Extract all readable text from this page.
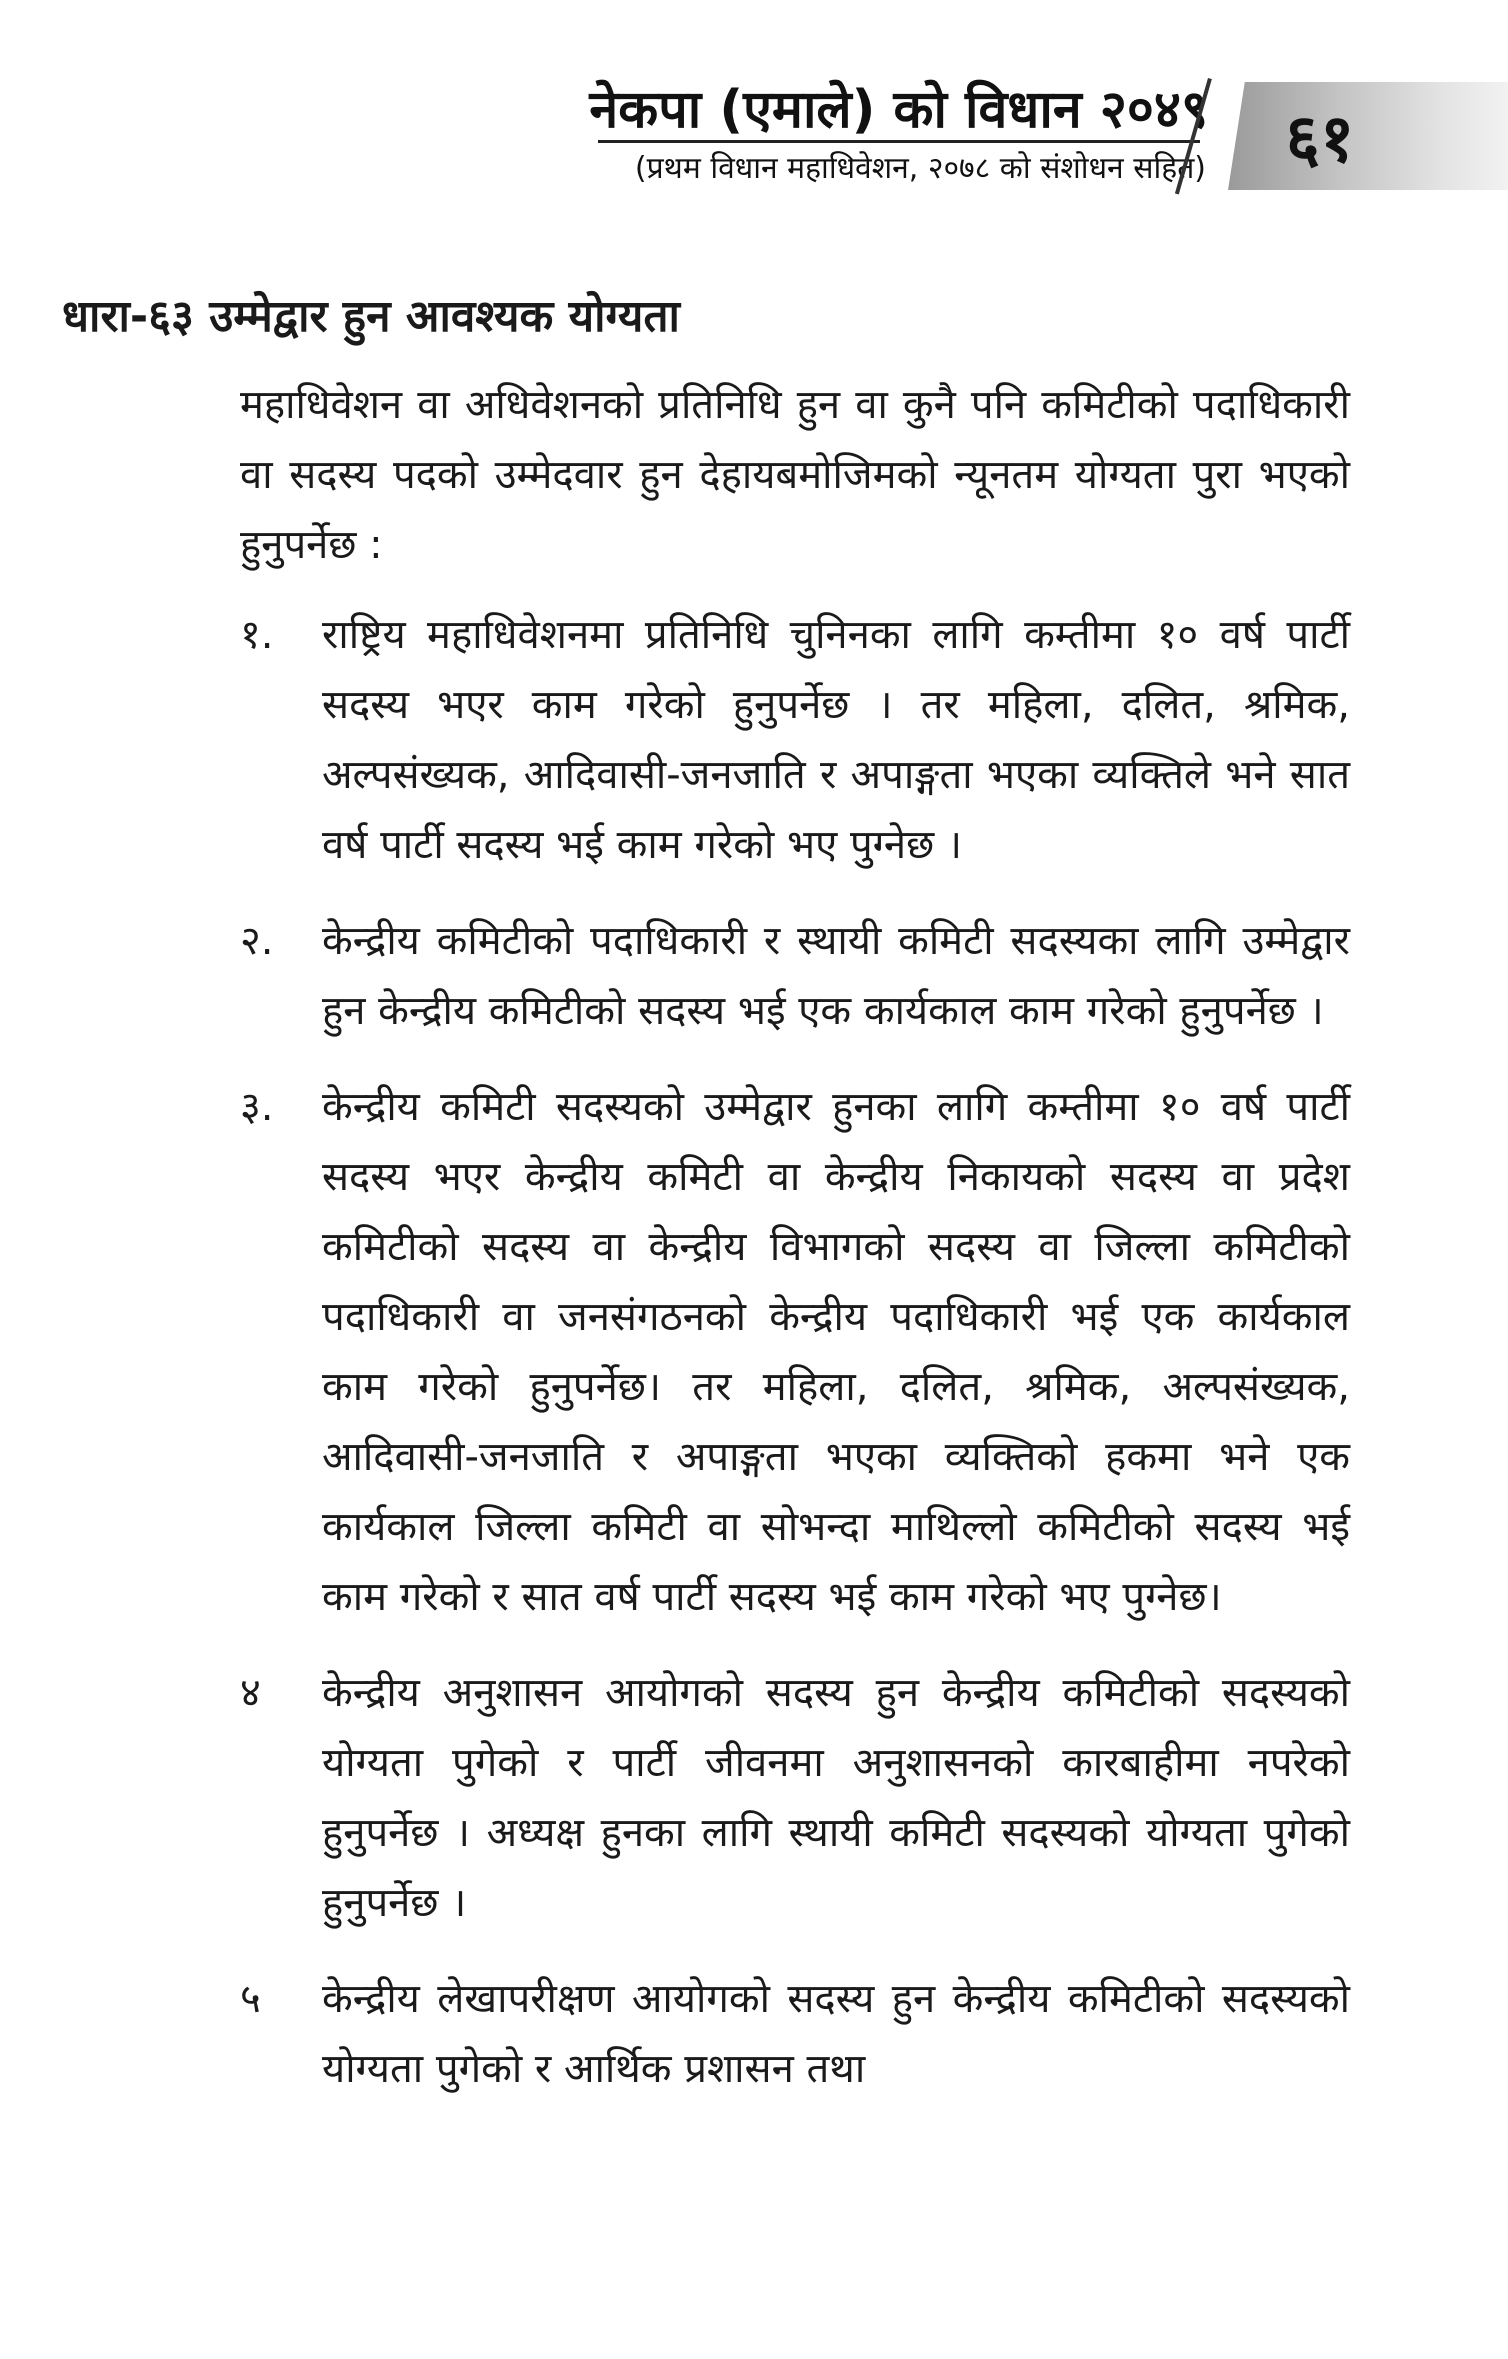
नेकपा (एमाले) को विधान २०४९
(प्रथम विधान महाधिवेशन, २०७८ को संशोधन सहित)	६१
धारा-६३ उम्मेद्वार हुन आवश्यक योग्यता
महाधिवेशन वा अधिवेशनको प्रतिनिधि हुन वा कुनै पनि कमिटीको पदाधिकारी वा सदस्य पदको उम्मेदवार हुन देहायबमोजिमको न्यूनतम योग्यता पुरा भएको हुनुपर्नेछ :
१.	राष्ट्रिय महाधिवेशनमा प्रतिनिधि चुनिनका लागि कम्तीमा १० वर्ष पार्टी सदस्य भएर काम गरेको हुनुपर्नेछ । तर महिला, दलित, श्रमिक, अल्पसंख्यक, आदिवासी-जनजाति र अपाङ्गता भएका व्यक्तिले भने सात वर्ष पार्टी सदस्य भई काम गरेको भए पुग्नेछ ।
२.	केन्द्रीय कमिटीको पदाधिकारी र स्थायी कमिटी सदस्यका लागि उम्मेद्वार हुन केन्द्रीय कमिटीको सदस्य भई एक कार्यकाल काम गरेको हुनुपर्नेछ ।
३.	केन्द्रीय कमिटी सदस्यको उम्मेद्वार हुनका लागि कम्तीमा १० वर्ष पार्टी सदस्य भएर केन्द्रीय कमिटी वा केन्द्रीय निकायको सदस्य वा प्रदेश कमिटीको सदस्य वा केन्द्रीय विभागको सदस्य वा जिल्ला कमिटीको पदाधिकारी वा जनसंगठनको केन्द्रीय पदाधिकारी भई एक कार्यकाल काम गरेको हुनुपर्नेछ। तर महिला, दलित, श्रमिक, अल्पसंख्यक, आदिवासी-जनजाति र अपाङ्गता भएका व्यक्तिको हकमा भने एक कार्यकाल जिल्ला कमिटी वा सोभन्दा माथिल्लो कमिटीको सदस्य भई काम गरेको र सात वर्ष पार्टी सदस्य भई काम गरेको भए पुग्नेछ।
४	केन्द्रीय अनुशासन आयोगको सदस्य हुन केन्द्रीय कमिटीको सदस्यको योग्यता पुगेको र पार्टी जीवनमा अनुशासनको कारबाहीमा नपरेको हुनुपर्नेछ । अध्यक्ष हुनका लागि स्थायी कमिटी सदस्यको योग्यता पुगेको हुनुपर्नेछ ।
५	केन्द्रीय लेखापरीक्षण आयोगको सदस्य हुन केन्द्रीय कमिटीको सदस्यको योग्यता पुगेको र आर्थिक प्रशासन तथा
